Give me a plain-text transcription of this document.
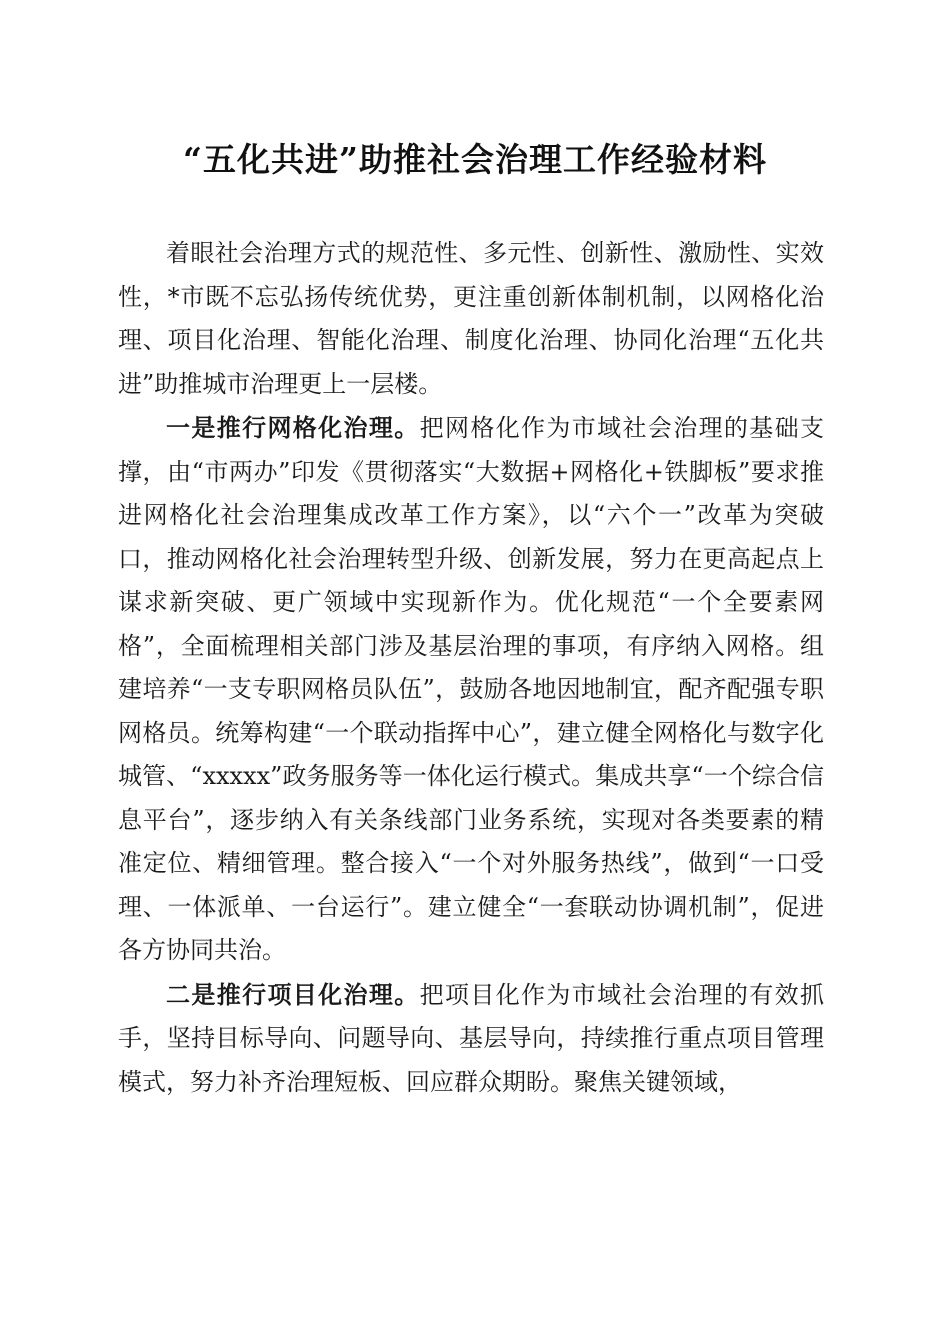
“五化共进”助推社会治理工作经验材料

着眼社会治理方式的规范性、多元性、创新性、激励性、实效性，*市既不忘弘扬传统优势，更注重创新体制机制，以网格化治理、项目化治理、智能化治理、制度化治理、协同化治理“五化共进”助推城市治理更上一层楼。

一是推行网格化治理。把网格化作为市域社会治理的基础支撑，由“市两办”印发《贯彻落实“大数据+网格化+铁脚板”要求推进网格化社会治理集成改革工作方案》，以“六个一”改革为突破口，推动网格化社会治理转型升级、创新发展，努力在更高起点上谋求新突破、更广领域中实现新作为。优化规范“一个全要素网格”，全面梳理相关部门涉及基层治理的事项，有序纳入网格。组建培养“一支专职网格员队伍”，鼓励各地因地制宜，配齐配强专职网格员。统筹构建“一个联动指挥中心”，建立健全网格化与数字化城管、“xxxxx”政务服务等一体化运行模式。集成共享“一个综合信息平台”，逐步纳入有关条线部门业务系统，实现对各类要素的精准定位、精细管理。整合接入“一个对外服务热线”，做到“一口受理、一体派单、一台运行”。建立健全“一套联动协调机制”，促进各方协同共治。

二是推行项目化治理。把项目化作为市域社会治理的有效抓手，坚持目标导向、问题导向、基层导向，持续推行重点项目管理模式，努力补齐治理短板、回应群众期盼。聚焦关键领域，
